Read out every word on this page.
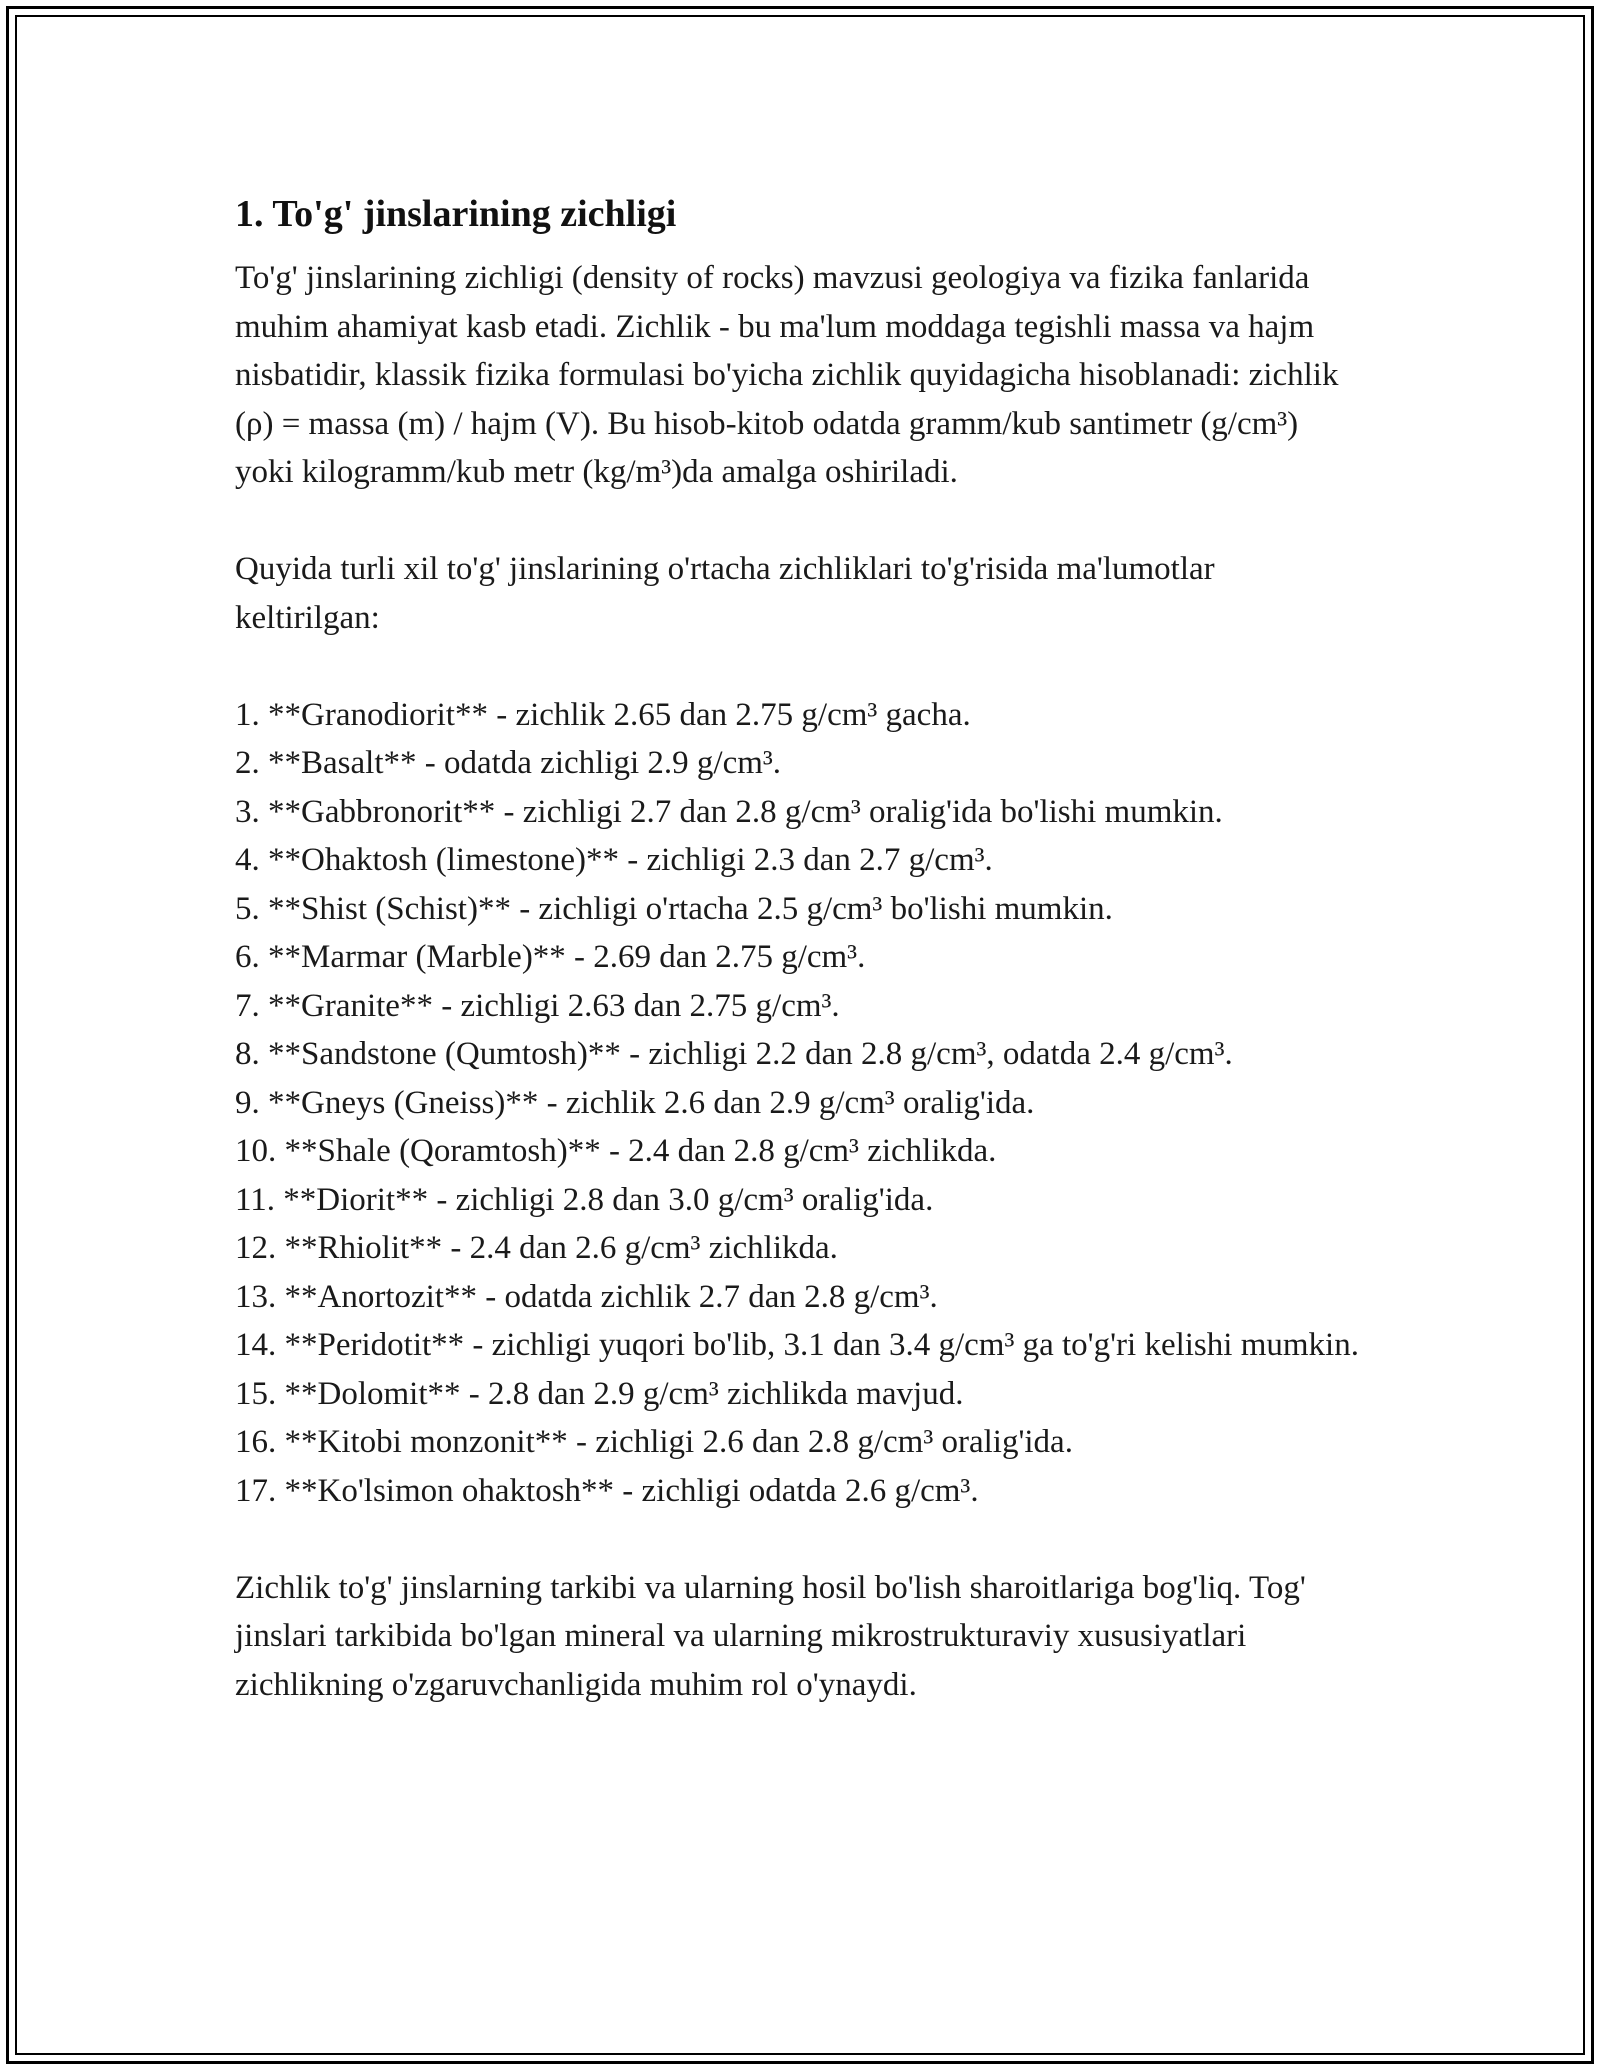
1. To'g' jinslarining zichligi

To'g' jinslarining zichligi (density of rocks) mavzusi geologiya va fizika fanlarida muhim ahamiyat kasb etadi. Zichlik - bu ma'lum moddaga tegishli massa va hajm nisbatidir, klassik fizika formulasi bo'yicha zichlik quyidagicha hisoblanadi: zichlik (ρ) = massa (m) / hajm (V). Bu hisob-kitob odatda gramm/kub santimetr (g/cm³) yoki kilogramm/kub metr (kg/m³)da amalga oshiriladi.

Quyida turli xil to'g' jinslarining o'rtacha zichliklari to'g'risida ma'lumotlar keltirilgan:

1. **Granodiorit** - zichlik 2.65 dan 2.75 g/cm³ gacha.
2. **Basalt** - odatda zichligi 2.9 g/cm³.
3. **Gabbronorit** - zichligi 2.7 dan 2.8 g/cm³ oralig'ida bo'lishi mumkin.
4. **Ohaktosh (limestone)** - zichligi 2.3 dan 2.7 g/cm³.
5. **Shist (Schist)** - zichligi o'rtacha 2.5 g/cm³ bo'lishi mumkin.
6. **Marmar (Marble)** - 2.69 dan 2.75 g/cm³.
7. **Granite** - zichligi 2.63 dan 2.75 g/cm³.
8. **Sandstone (Qumtosh)** - zichligi 2.2 dan 2.8 g/cm³, odatda 2.4 g/cm³.
9. **Gneys (Gneiss)** - zichlik 2.6 dan 2.9 g/cm³ oralig'ida.
10. **Shale (Qoramtosh)** - 2.4 dan 2.8 g/cm³ zichlikda.
11. **Diorit** - zichligi 2.8 dan 3.0 g/cm³ oralig'ida.
12. **Rhiolit** - 2.4 dan 2.6 g/cm³ zichlikda.
13. **Anortozit** - odatda zichlik 2.7 dan 2.8 g/cm³.
14. **Peridotit** - zichligi yuqori bo'lib, 3.1 dan 3.4 g/cm³ ga to'g'ri kelishi mumkin.
15. **Dolomit** - 2.8 dan 2.9 g/cm³ zichlikda mavjud.
16. **Kitobi monzonit** - zichligi 2.6 dan 2.8 g/cm³ oralig'ida.
17. **Ko'lsimon ohaktosh** - zichligi odatda 2.6 g/cm³.

Zichlik to'g' jinslarning tarkibi va ularning hosil bo'lish sharoitlariga bog'liq. Tog' jinslari tarkibida bo'lgan mineral va ularning mikrostrukturaviy xususiyatlari zichlikning o'zgaruvchanligida muhim rol o'ynaydi.
